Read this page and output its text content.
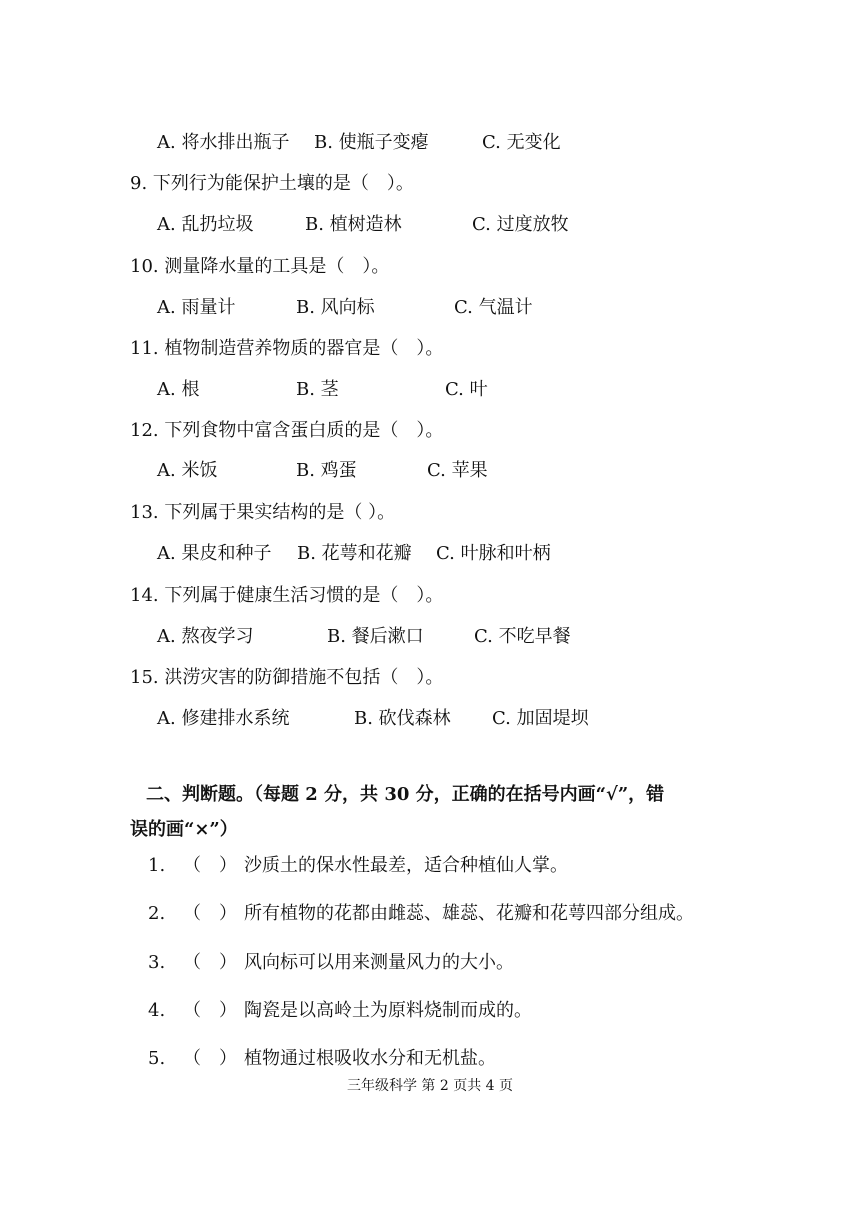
A. 将水排出瓶子 B. 使瓶子变瘪	C. 无变化
9. 下列行为能保护土壤的是（　）。
A. 乱扔垃圾	B. 植树造林	C. 过度放牧
10. 测量降水量的工具是（　）。
A. 雨量计	B. 风向标	C. 气温计
11. 植物制造营养物质的器官是（　）。
A. 根	B. 茎	C. 叶
12. 下列食物中富含蛋白质的是（　）。
A. 米饭	B. 鸡蛋	C. 苹果
13. 下列属于果实结构的是（ ）。
A. 果皮和种子 B. 花萼和花瓣 C. 叶脉和叶柄
14. 下列属于健康生活习惯的是（　）。
A. 熬夜学习	B. 餐后漱口	C. 不吃早餐
15. 洪涝灾害的防御措施不包括（　）。
A. 修建排水系统	B. 砍伐森林 C. 加固堤坝
二、判断题。（每题 2 分，共 30 分，正确的在括号内画“√”，错
误的画“×”）
1. （　） 沙质土的保水性最差，适合种植仙人掌。
2. （　） 所有植物的花都由雌蕊、雄蕊、花瓣和花萼四部分组成。
3. （　） 风向标可以用来测量风力的大小。
4. （　） 陶瓷是以高岭土为原料烧制而成的。
5. （　） 植物通过根吸收水分和无机盐。
三年级科学 第 2 页共 4 页
